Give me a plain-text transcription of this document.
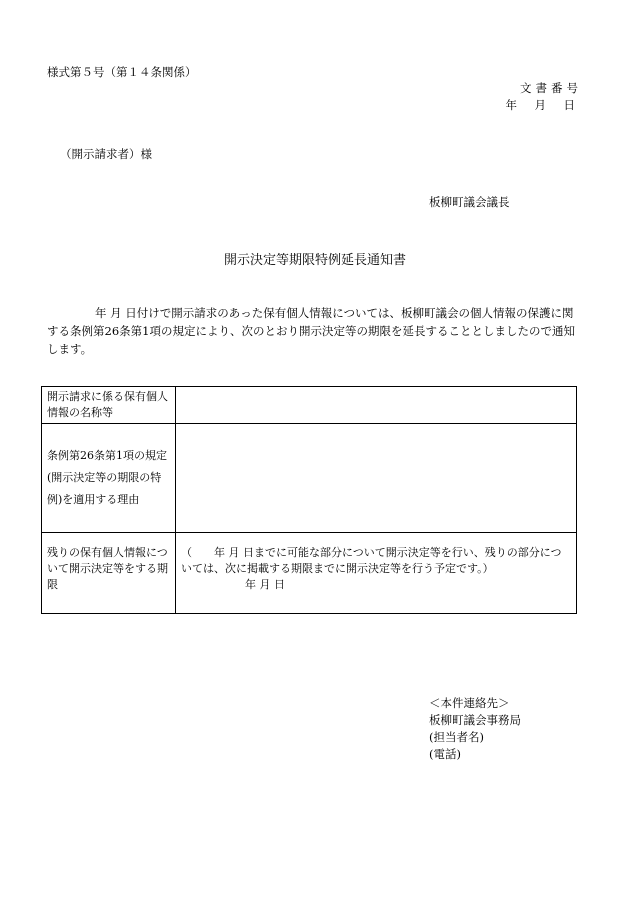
様式第５号（第１４条関係）
文書番号
年　月　日
（開示請求者）様
板柳町議会議長
開示決定等期限特例延長通知書
年 月 日付けで開示請求のあった保有個人情報については、板柳町議会の個人情報の保護に関する条例第26条第1項の規定により、次のとおり開示決定等の期限を延長することとしましたので通知します。
開示請求に係る保有個人情報の名称等	
条例第26条第1項の規定(開示決定等の期限の特例)を適用する理由	
残りの保有個人情報について開示決定等をする期限	（　　年 月 日までに可能な部分について開示決定等を行い、残りの部分については、次に掲載する期限までに開示決定等を行う予定です。）
年 月 日
＜本件連絡先＞
板柳町議会事務局
(担当者名)
(電話)
